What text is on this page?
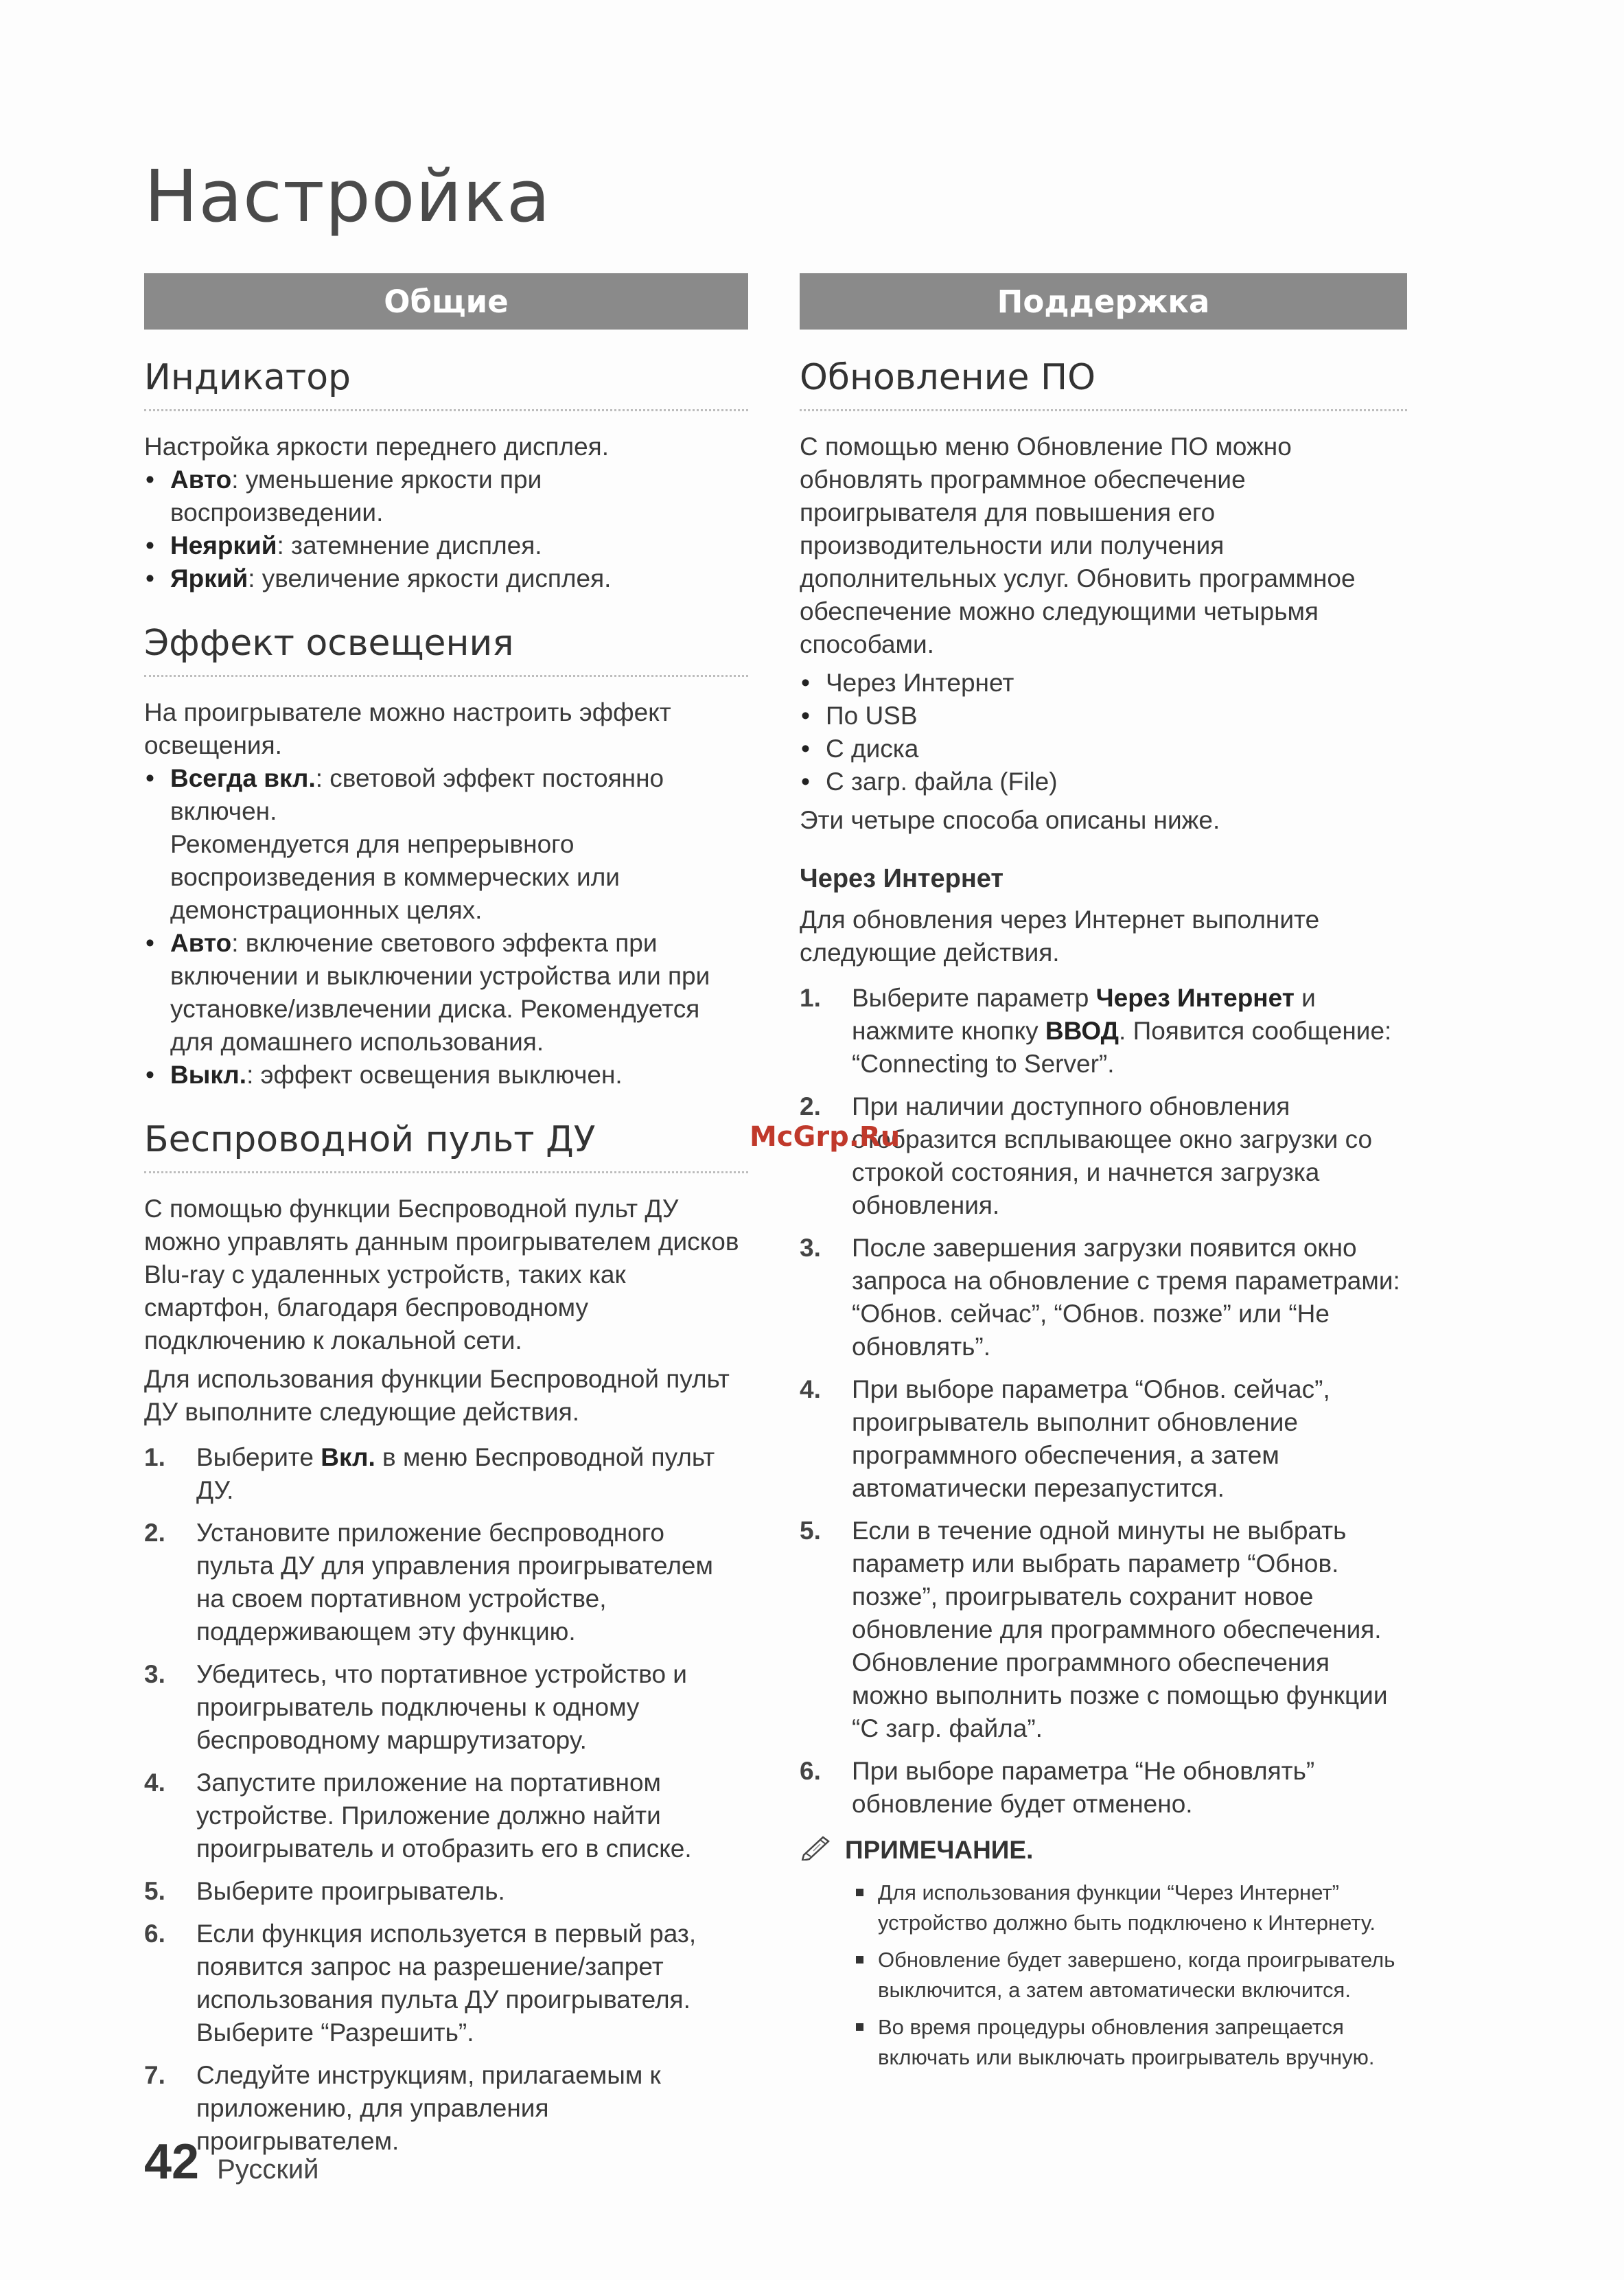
Настройка
Общие
Индикатор

Настройка яркости переднего дисплея.

• Авто: уменьшение яркости при воспроизведении.
• Неяркий: затемнение дисплея.
• Яркий: увеличение яркости дисплея.
Эффект освещения

На проигрывателе можно настроить эффект освещения.

• Всегда вкл.: световой эффект постоянно включен.
Рекомендуется для непрерывного воспроизведения в коммерческих или демонстрационных целях.
• Авто: включение светового эффекта при включении и выключении устройства или при установке/извлечении диска. Рекомендуется для домашнего использования.
• Выкл.: эффект освещения выключен.
Беспроводной пульт ДУ

С помощью функции Беспроводной пульт ДУ можно управлять данным проигрывателем дисков Blu-ray с удаленных устройств, таких как смартфон, благодаря беспроводному подключению к локальной сети.

Для использования функции Беспроводной пульт ДУ выполните следующие действия.

1. Выберите Вкл. в меню Беспроводной пульт ДУ.
2. Установите приложение беспроводного пульта ДУ для управления проигрывателем на своем портативном устройстве, поддерживающем эту функцию.
3. Убедитесь, что портативное устройство и проигрыватель подключены к одному беспроводному маршрутизатору.
4. Запустите приложение на портативном устройстве. Приложение должно найти проигрыватель и отобразить его в списке.
5. Выберите проигрыватель.
6. Если функция используется в первый раз, появится запрос на разрешение/запрет использования пульта ДУ проигрывателя. Выберите “Разрешить”.
7. Следуйте инструкциям, прилагаемым к приложению, для управления проигрывателем.
Поддержка
Обновление ПО

С помощью меню Обновление ПО можно обновлять программное обеспечение проигрывателя для повышения его производительности или получения дополнительных услуг. Обновить программное обеспечение можно следующими четырьмя способами.

• Через Интернет
• По USB
• С диска
• С загр. файла (File)

Эти четыре способа описаны ниже.

Через Интернет

Для обновления через Интернет выполните следующие действия.

1. Выберите параметр Через Интернет и нажмите кнопку ВВОД. Появится сообщение: “Connecting to Server”.
2. При наличии доступного обновления отобразится всплывающее окно загрузки со строкой состояния, и начнется загрузка обновления.
3. После завершения загрузки появится окно запроса на обновление с тремя параметрами: “Обнов. сейчас”, “Обнов. позже” или “Не обновлять”.
4. При выборе параметра “Обнов. сейчас”, проигрыватель выполнит обновление программного обеспечения, а затем автоматически перезапустится.
5. Если в течение одной минуты не выбрать параметр или выбрать параметр “Обнов. позже”, проигрыватель сохранит новое обновление для программного обеспечения. Обновление программного обеспечения можно выполнить позже с помощью функции “С загр. файла”.
6. При выборе параметра “Не обновлять” обновление будет отменено.
ПРИМЕЧАНИЕ.
Для использования функции “Через Интернет” устройство должно быть подключено к Интернету.
Обновление будет завершено, когда проигрыватель выключится, а затем автоматически включится.
Во время процедуры обновления запрещается включать или выключать проигрыватель вручную.
McGrp.Ru
42 Русский
